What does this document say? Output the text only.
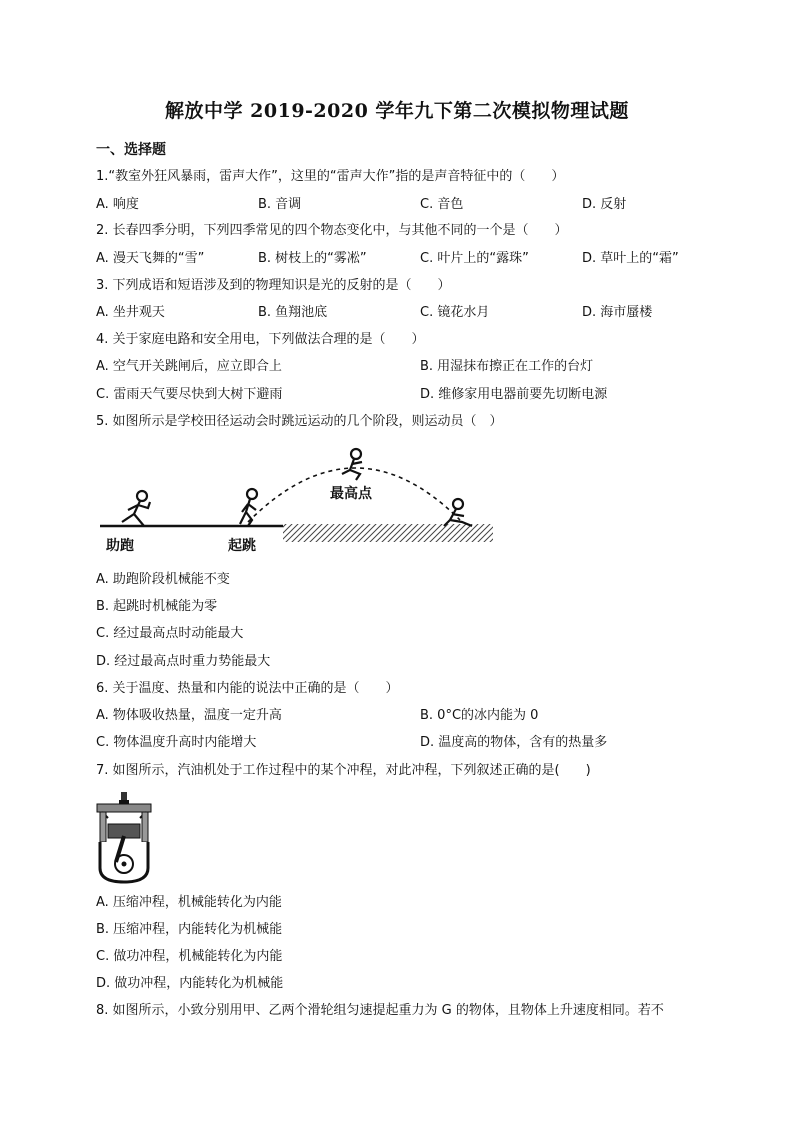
解放中学 2019-2020 学年九下第二次模拟物理试题
一、选择题
1.“教室外狂风暴雨，雷声大作”，这里的“雷声大作”指的是声音特征中的（　　）
A. 响度	B. 音调	C. 音色	D. 反射
2. 长春四季分明，下列四季常见的四个物态变化中，与其他不同的一个是（　　）
A. 漫天飞舞的“雪”	B. 树枝上的“雾凇”	C. 叶片上的“露珠”	D. 草叶上的“霜”
3. 下列成语和短语涉及到的物理知识是光的反射的是（　　）
A. 坐井观天	B. 鱼翔池底	C. 镜花水月	D. 海市蜃楼
4. 关于家庭电路和安全用电，下列做法合理的是（　　）
A. 空气开关跳闸后，应立即合上	B. 用湿抹布擦正在工作的台灯
C. 雷雨天气要尽快到大树下避雨	D. 维修家用电器前要先切断电源
5. 如图所示是学校田径运动会时跳远运动的几个阶段，则运动员（　）
助跑	起跳
最高点
A. 助跑阶段机械能不变
B. 起跳时机械能为零
C. 经过最高点时动能最大
D. 经过最高点时重力势能最大
6. 关于温度、热量和内能的说法中正确的是（　　）
A. 物体吸收热量，温度一定升高	B. 0°C的冰内能为 0
C. 物体温度升高时内能增大	D. 温度高的物体，含有的热量多
7. 如图所示，汽油机处于工作过程中的某个冲程，对此冲程，下列叙述正确的是(　　)
A. 压缩冲程，机械能转化为内能
B. 压缩冲程，内能转化为机械能
C. 做功冲程，机械能转化为内能
D. 做功冲程，内能转化为机械能
8. 如图所示，小致分别用甲、乙两个滑轮组匀速提起重力为 G 的物体，且物体上升速度相同。若不
